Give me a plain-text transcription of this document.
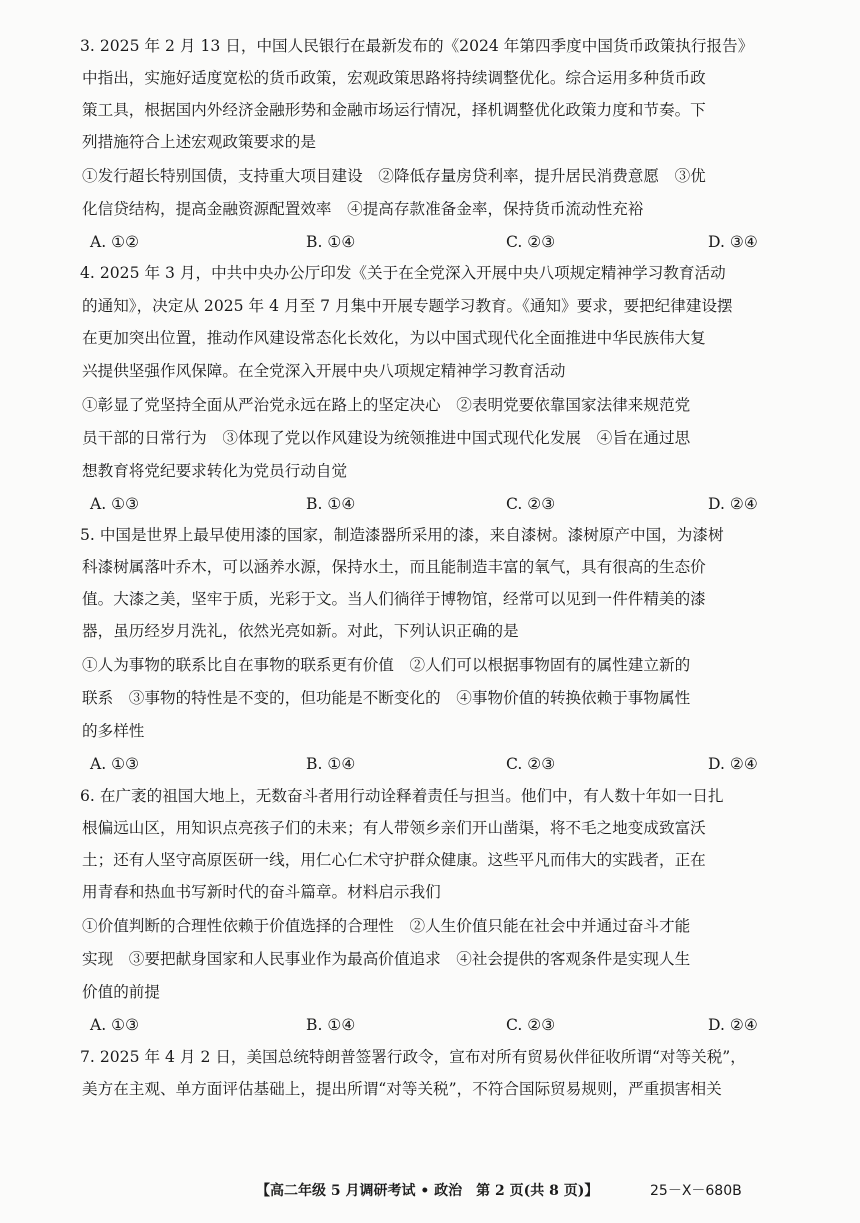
3. 2025 年 2 月 13 日，中国人民银行在最新发布的《2024 年第四季度中国货币政策执行报告》
中指出，实施好适度宽松的货币政策，宏观政策思路将持续调整优化。综合运用多种货币政
策工具，根据国内外经济金融形势和金融市场运行情况，择机调整优化政策力度和节奏。下
列措施符合上述宏观政策要求的是
①发行超长特别国债，支持重大项目建设　②降低存量房贷利率，提升居民消费意愿　③优
化信贷结构，提高金融资源配置效率　④提高存款准备金率，保持货币流动性充裕
A. ①②	B. ①④	C. ②③	D. ③④
4. 2025 年 3 月，中共中央办公厅印发《关于在全党深入开展中央八项规定精神学习教育活动
的通知》，决定从 2025 年 4 月至 7 月集中开展专题学习教育。《通知》要求，要把纪律建设摆
在更加突出位置，推动作风建设常态化长效化，为以中国式现代化全面推进中华民族伟大复
兴提供坚强作风保障。在全党深入开展中央八项规定精神学习教育活动
①彰显了党坚持全面从严治党永远在路上的坚定决心　②表明党要依靠国家法律来规范党
员干部的日常行为　③体现了党以作风建设为统领推进中国式现代化发展　④旨在通过思
想教育将党纪要求转化为党员行动自觉
A. ①③	B. ①④	C. ②③	D. ②④
5. 中国是世界上最早使用漆的国家，制造漆器所采用的漆，来自漆树。漆树原产中国，为漆树
科漆树属落叶乔木，可以涵养水源，保持水土，而且能制造丰富的氧气，具有很高的生态价
值。大漆之美，坚牢于质，光彩于文。当人们徜徉于博物馆，经常可以见到一件件精美的漆
器，虽历经岁月洗礼，依然光亮如新。对此，下列认识正确的是
①人为事物的联系比自在事物的联系更有价值　②人们可以根据事物固有的属性建立新的
联系　③事物的特性是不变的，但功能是不断变化的　④事物价值的转换依赖于事物属性
的多样性
A. ①③	B. ①④	C. ②③	D. ②④
6. 在广袤的祖国大地上，无数奋斗者用行动诠释着责任与担当。他们中，有人数十年如一日扎
根偏远山区，用知识点亮孩子们的未来；有人带领乡亲们开山凿渠，将不毛之地变成致富沃
土；还有人坚守高原医研一线，用仁心仁术守护群众健康。这些平凡而伟大的实践者，正在
用青春和热血书写新时代的奋斗篇章。材料启示我们
①价值判断的合理性依赖于价值选择的合理性　②人生价值只能在社会中并通过奋斗才能
实现　③要把献身国家和人民事业作为最高价值追求　④社会提供的客观条件是实现人生
价值的前提
A. ①③	B. ①④	C. ②③	D. ②④
7. 2025 年 4 月 2 日，美国总统特朗普签署行政令，宣布对所有贸易伙伴征收所谓“对等关税”，
美方在主观、单方面评估基础上，提出所谓“对等关税”，不符合国际贸易规则，严重损害相关
【高二年级 5 月调研考试 • 政治　第 2 页(共 8 页)】	25－X－680B
